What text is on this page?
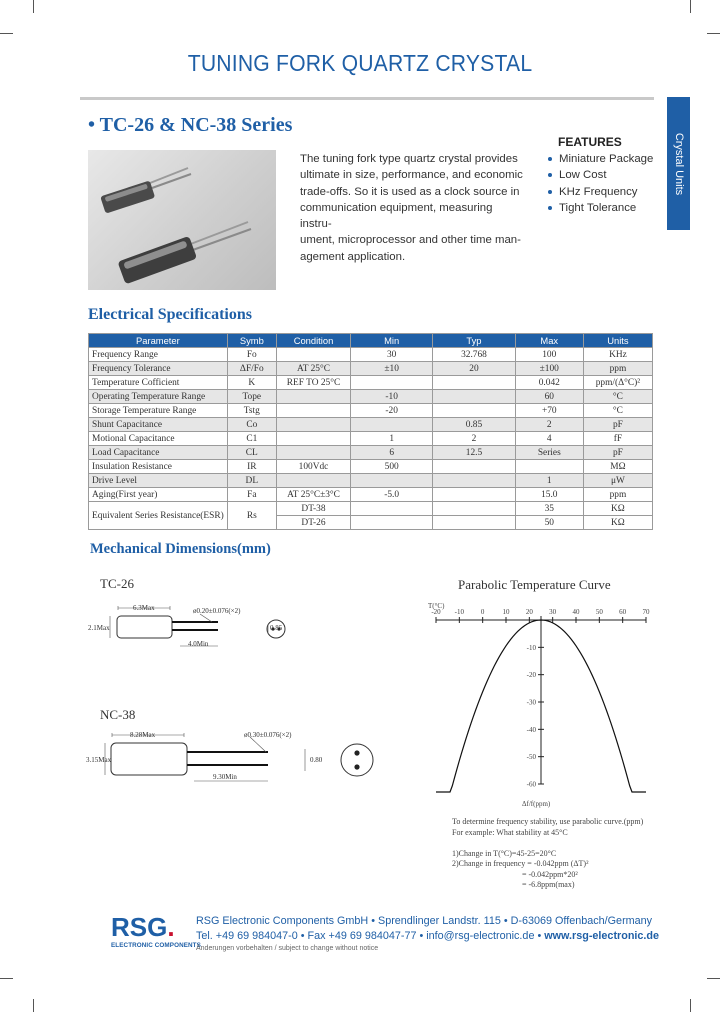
TUNING FORK QUARTZ CRYSTAL
Crystal Units
• TC-26 & NC-38 Series
The tuning fork type quartz crystal provides
ultimate in size, performance, and economic
trade-offs. So it is used as a clock source in
communication equipment, measuring instru-
ument, microprocessor and other time man-
agement application.
FEATURES
Miniature Package
Low Cost
KHz Frequency
Tight Tolerance
Electrical Specifications
Parameter	Symb	Condition	Min	Typ	Max	Units
Frequency Range	Fo		30	32.768	100	KHz
Frequency Tolerance	ΔF/Fo	AT 25°C	±10	20	±100	ppm
Temperature Cofficient	K	REF TO 25°C			0.042	ppm/(Δ°C)²
Operating Temperature Range	Tope		-10		60	°C
Storage Temperature Range	Tstg		-20		+70	°C
Shunt Capacitance	Co			0.85	2	pF
Motional Capacitance	C1		1	2	4	fF
Load Capacitance	CL		6	12.5	Series	pF
Insulation Resistance	IR	100Vdc	500			MΩ
Drive Level	DL				1	μW
Aging(First year)	Fa	AT 25°C±3°C	-5.0		15.0	ppm
Equivalent Series Resistance(ESR)	Rs	DT-38			35	KΩ
		DT-26			50	KΩ
Mechanical Dimensions(mm)
TC-26
6.3Max
2.1Max
ø0.20±0.076(×2)
4.0Min
0.85
NC-38
8.28Max
3.15Max
ø0.30±0.076(×2)
9.30Min
0.80
Parabolic Temperature Curve
T(°C)
Δf/f(ppm)
-20 -10 0	10 20 30 40 50 60 70
-10
-20
-30
-40
-50
-60
To determine frequency stability, use parabolic curve.(ppm)
For example: What stability at 45°C
1)Change in T(°C)=45-25=20°C
2)Change in frequency = -0.042ppm (ΔT)²
= -0.042ppm*20²
= -6.8ppm(max)
RSG.
ELECTRONIC COMPONENTS
RSG Electronic Components GmbH • Sprendlinger Landstr. 115 • D-63069 Offenbach/Germany
Tel. +49 69 984047-0 • Fax +49 69 984047-77 • info@rsg-electronic.de • www.rsg-electronic.de
Änderungen vorbehalten / subject to change without notice
